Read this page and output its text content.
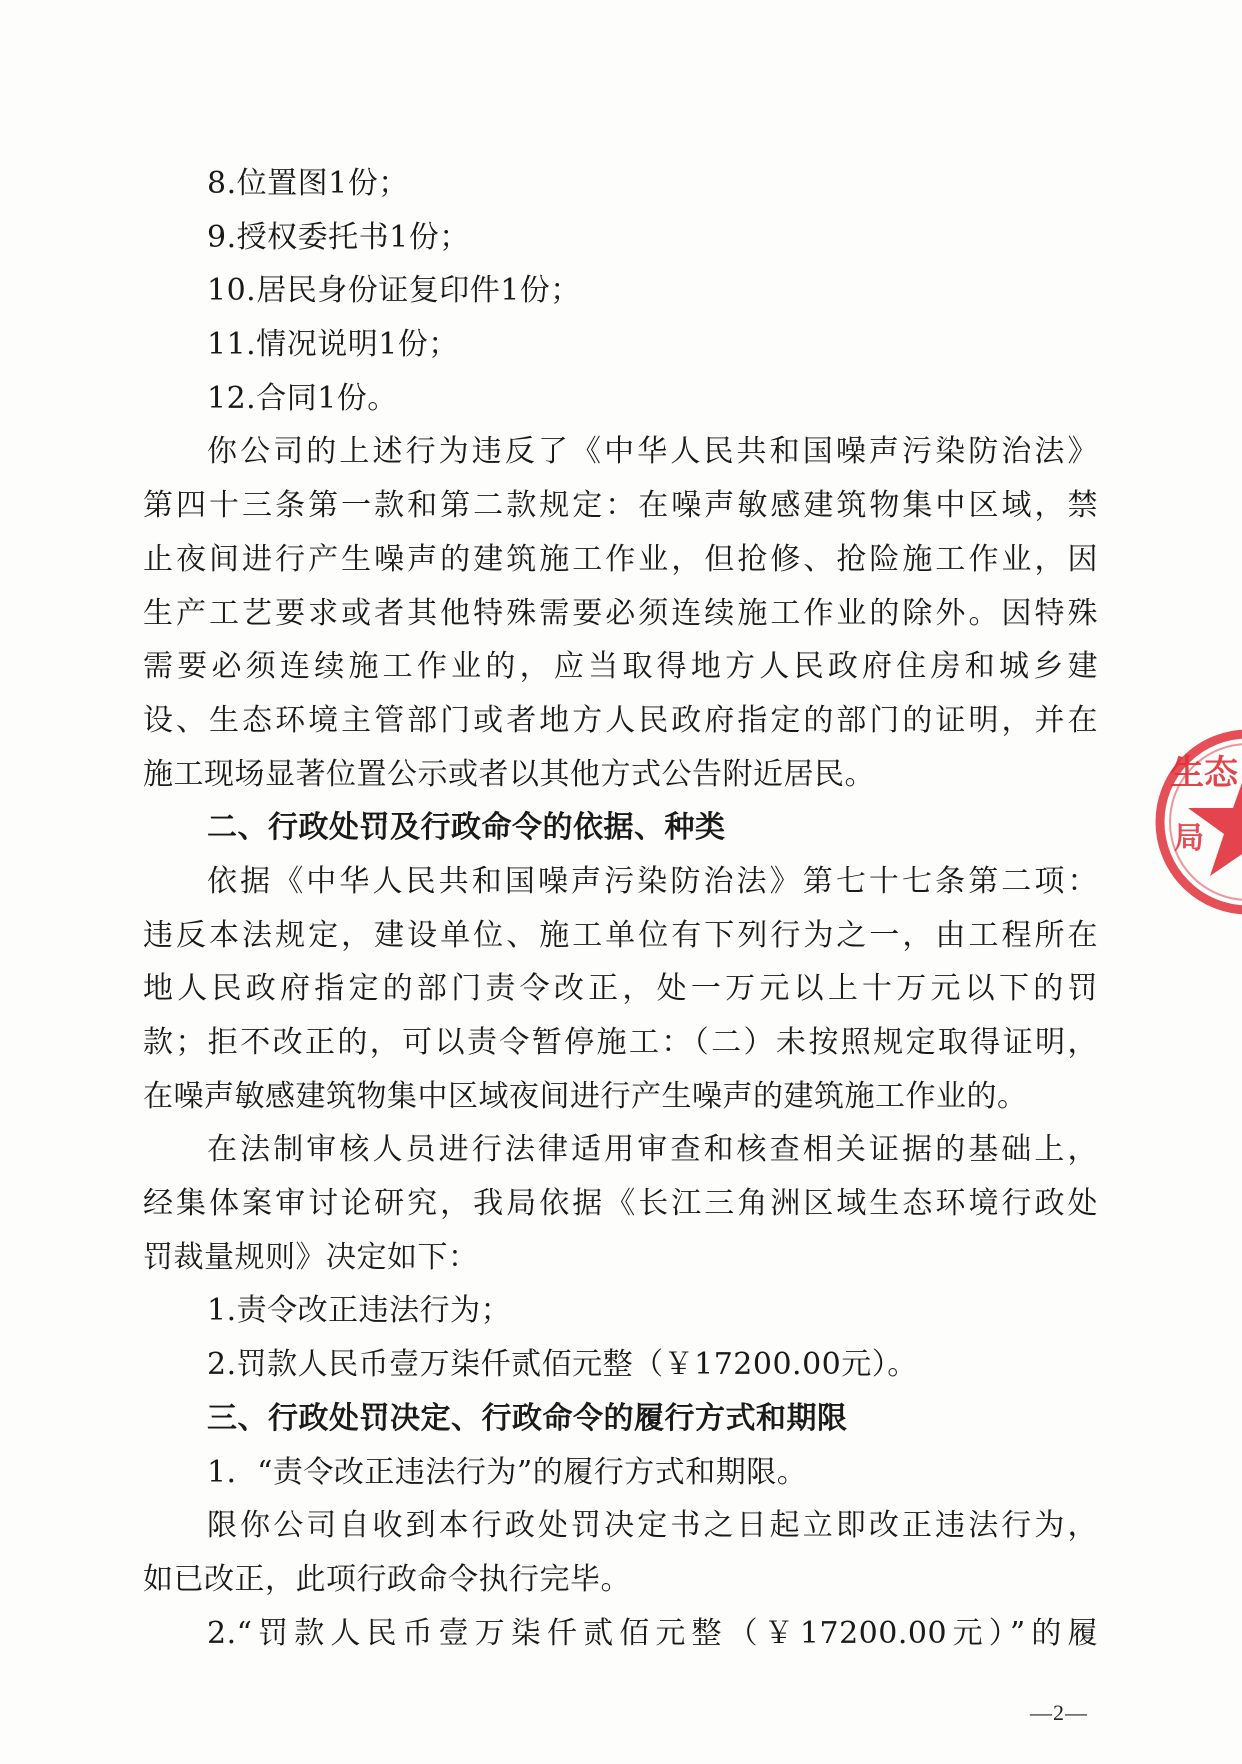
8.位置图1份；
9.授权委托书1份；
10.居民身份证复印件1份；
11.情况说明1份；
12.合同1份。
你公司的上述行为违反了《中华人民共和国噪声污染防治法》
第四十三条第一款和第二款规定：在噪声敏感建筑物集中区域，禁
止夜间进行产生噪声的建筑施工作业，但抢修、抢险施工作业，因
生产工艺要求或者其他特殊需要必须连续施工作业的除外。因特殊
需要必须连续施工作业的，应当取得地方人民政府住房和城乡建
设、生态环境主管部门或者地方人民政府指定的部门的证明，并在
施工现场显著位置公示或者以其他方式公告附近居民。
二、行政处罚及行政命令的依据、种类
依据《中华人民共和国噪声污染防治法》第七十七条第二项：
违反本法规定，建设单位、施工单位有下列行为之一，由工程所在
地人民政府指定的部门责令改正，处一万元以上十万元以下的罚
款；拒不改正的，可以责令暂停施工：（二）未按照规定取得证明，
在噪声敏感建筑物集中区域夜间进行产生噪声的建筑施工作业的。
在法制审核人员进行法律适用审查和核查相关证据的基础上，
经集体案审讨论研究，我局依据《长江三角洲区域生态环境行政处
罚裁量规则》决定如下：
1.责令改正违法行为；
2.罚款人民币壹万柒仟贰佰元整（￥17200.00元）。
三、行政处罚决定、行政命令的履行方式和期限
1．“责令改正违法行为”的履行方式和期限。
限你公司自收到本行政处罚决定书之日起立即改正违法行为，
如已改正，此项行政命令执行完毕。
2.“罚款人民币壹万柒仟贰佰元整（￥17200.00元）”的履
生态
局
—2—
